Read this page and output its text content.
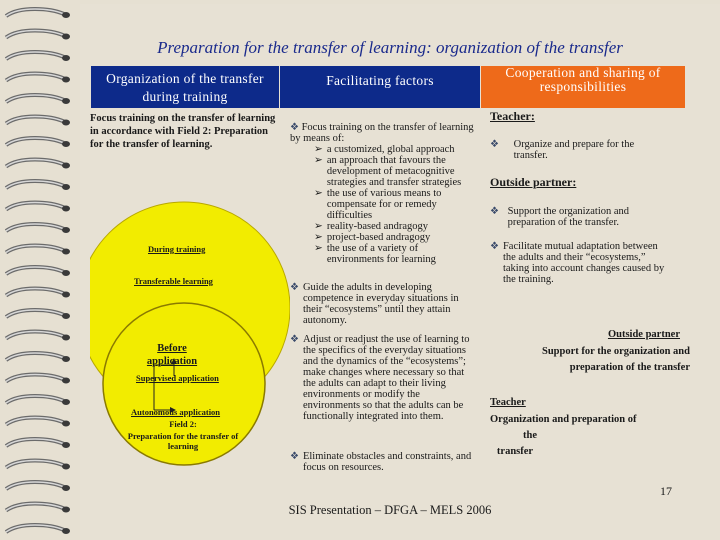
Preparation for the transfer of learning: organization of the transfer
Organization of the transfer during training
Facilitating factors
Cooperation and sharing of responsibilities
Focus training on the transfer of learning in accordance with Field 2: Preparation for the transfer of learning.
During training
Transferable learning
Before application
Supervised application
Autonomous application
Field 2:
Preparation for the transfer of learning
❖ Focus training on the transfer of learning by means of:
➢ a customized, global approach
➢ an approach that favours the development of metacognitive strategies and transfer strategies
➢ the use of various means to compensate for or remedy difficulties
➢ reality-based andragogy
➢ project-based andragogy
➢ the use of a variety of environments for learning
❖ Guide the adults in developing competence in everyday situations in their “ecosystems” until they attain autonomy.
❖ Adjust or readjust the use of learning to the specifics of the everyday situations and the dynamics of the “ecosystems”; make changes where necessary so that the adults can adapt to their living environments or modify the environments so that the adults can be functionally integrated into them.
❖ Eliminate obstacles and constraints, and focus on resources.
Teacher:
❖	Organize and prepare for the transfer.
Outside partner:
❖ Support the organization and preparation of the transfer.
❖ Facilitate mutual adaptation between the adults and their “ecosystems,” taking into account changes caused by the training.
Outside partner
Support for the organization and preparation of the transfer
Teacher
Organization and preparation of
the
transfer
17
SIS Presentation – DFGA – MELS 2006
